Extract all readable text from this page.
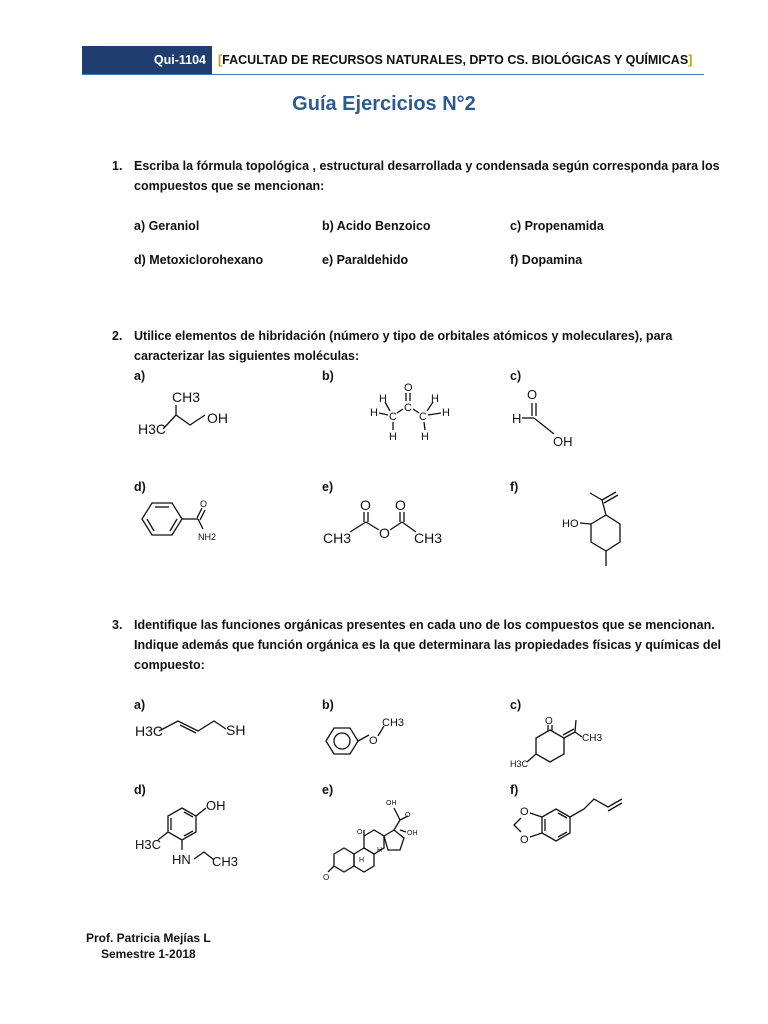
Qui-1104 [ FACULTAD DE RECURSOS NATURALES, DPTO CS. BIOLÓGICAS Y QUÍMICAS ]
Guía Ejercicios N°2
1. Escriba la fórmula topológica , estructural desarrollada y condensada según corresponda para los
compuestos que se mencionan:
a) Geraniol	b) Acido Benzoico	c) Propenamida
d) Metoxiclorohexano	e) Paraldehido	f) Dopamina
2. Utilice elementos de hibridación (número y tipo de orbitales atómicos y moleculares), para
caracterizar las siguientes moléculas:
a)	b)	c)
d)	e)	f)
CH3
H3C
OH
O
H
H C
C
C
H
H
H H
O
H
OH
O
NH2
O O
O
CH3	CH3
HO
3. Identifique las funciones orgánicas presentes en cada uno de los compuestos que se mencionan.
Indique además que función orgánica es la que determinara las propiedades físicas y químicas del
compuesto:
a)	b)	c)
d)	e)	f)
H3C	SH
O
CH3	O
CH3
H3C
OH
H3C
HN CH3
OH
O
OH
O
O
H
H
O
O
Prof. Patricia Mejías L
Semestre 1-2018
